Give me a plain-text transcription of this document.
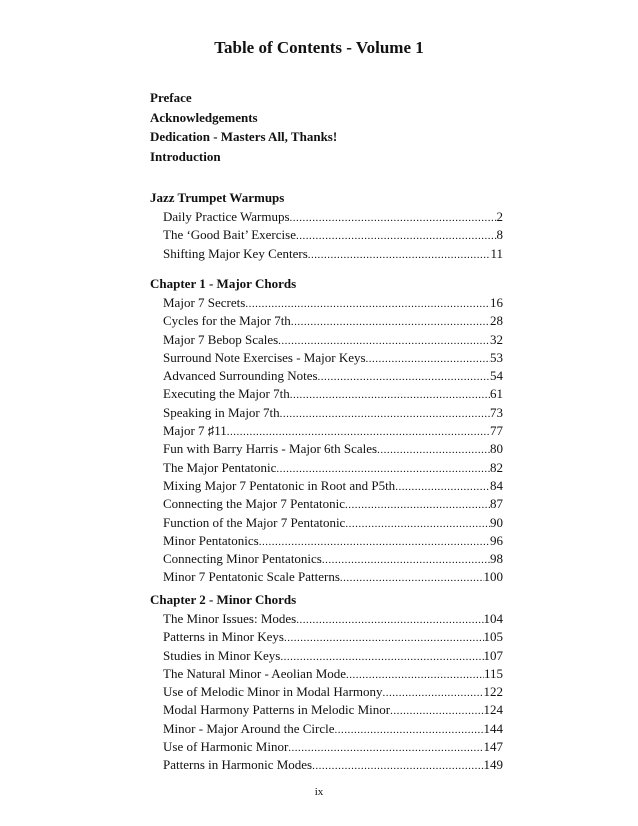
Table of Contents - Volume 1
Preface
Acknowledgements
Dedication - Masters All, Thanks!
Introduction
Jazz Trumpet Warmups
Daily Practice Warmups .....	2
The ‘Good Bait’ Exercise .....	8
Shifting Major Key Centers .....	11
Chapter 1 - Major Chords
Major 7 Secrets .....	16
Cycles for the Major 7th .....	28
Major 7 Bebop Scales .....	32
Surround Note Exercises - Major Keys .....	53
Advanced Surrounding Notes .....	54
Executing the Major 7th .....	61
Speaking in Major 7th .....	73
Major 7 ♯11 .....	77
Fun with Barry Harris - Major 6th Scales .....	80
The Major Pentatonic .....	82
Mixing Major 7 Pentatonic in Root and P5th .....	84
Connecting the Major 7 Pentatonic .....	87
Function of the Major 7 Pentatonic .....	90
Minor Pentatonics .....	96
Connecting Minor Pentatonics .....	98
Minor 7 Pentatonic Scale Patterns .....	100
Chapter 2 - Minor Chords
The Minor Issues: Modes .....	104
Patterns in Minor Keys .....	105
Studies in Minor Keys .....	107
The Natural Minor - Aeolian Mode .....	115
Use of Melodic Minor in Modal Harmony .....	122
Modal Harmony Patterns in Melodic Minor .....	124
Minor - Major Around the Circle .....	144
Use of Harmonic Minor .....	147
Patterns in Harmonic Modes .....	149
ix
